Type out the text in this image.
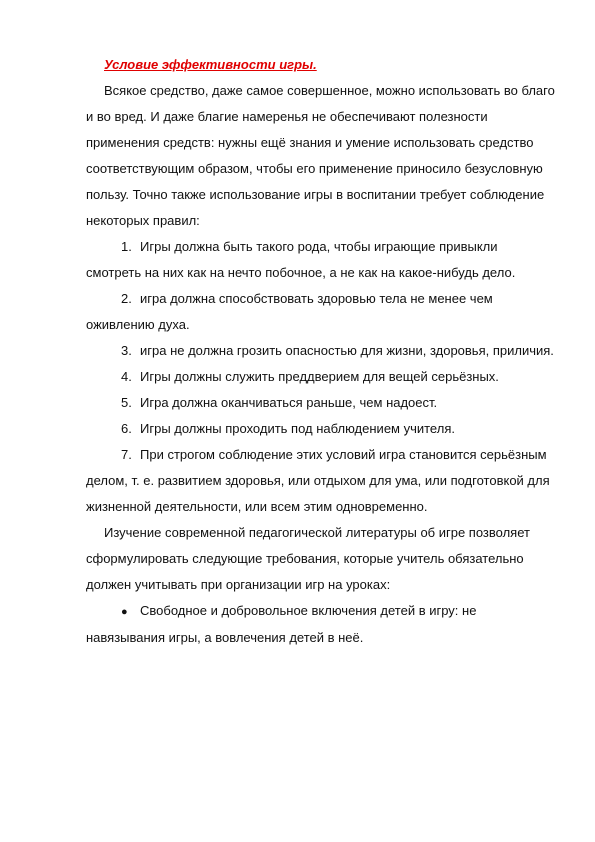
Условие эффективности игры.

Всякое средство, даже самое совершенное, можно использовать во благо и во вред. И даже благие намеренья не обеспечивают полезности применения средств: нужны ещё знания и умение использовать средство соответствующим образом, чтобы его применение приносило безусловную пользу. Точно также использование игры в воспитании требует соблюдение некоторых правил:

1. Игры должна быть такого рода, чтобы играющие привыкли смотреть на них как на нечто побочное, а не как на какое-нибудь дело.
2. игра должна способствовать здоровью тела не менее чем оживлению духа.
3. игра не должна грозить опасностью для жизни, здоровья, приличия.
4. Игры должны служить преддверием для вещей серьёзных.
5. Игра должна оканчиваться раньше, чем надоест.
6. Игры должны проходить под наблюдением учителя.
7. При строгом соблюдение этих условий игра становится серьёзным делом, т. е. развитием здоровья, или отдыхом для ума, или подготовкой для жизненной деятельности, или всем этим одновременно.

Изучение современной педагогической литературы об игре позволяет сформулировать следующие требования, которые учитель обязательно должен учитывать при организации игр на уроках:

● Свободное и добровольное включения детей в игру: не навязывания игры, а вовлечения детей в неё.
